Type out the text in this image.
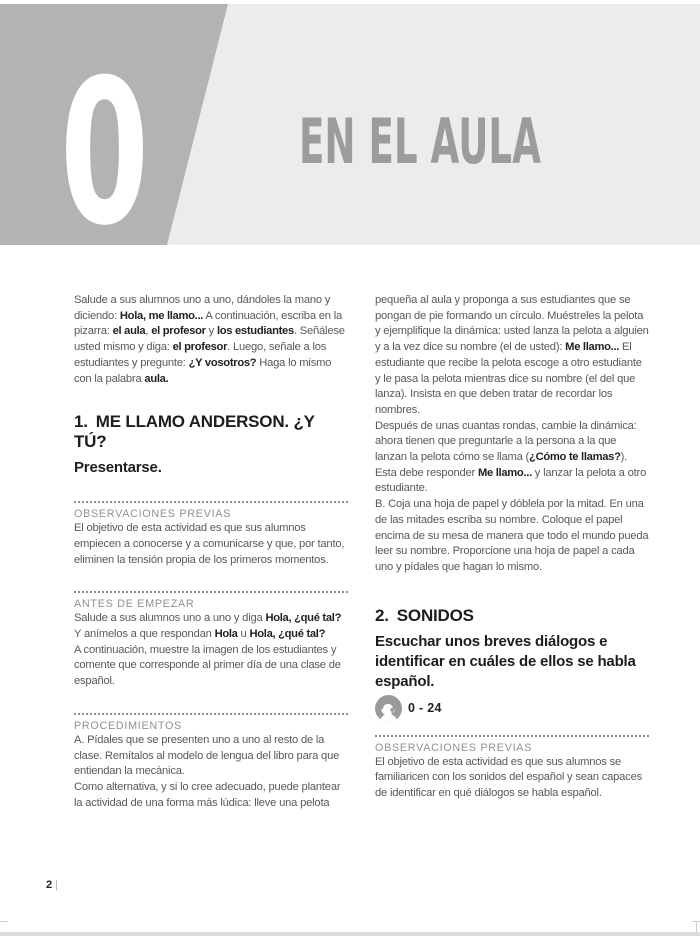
0 EN EL AULA

Salude a sus alumnos uno a uno, dándoles la mano y diciendo: Hola, me llamo... A continuación, escriba en la pizarra: el aula, el profesor y los estudiantes. Señálese usted mismo y diga: el profesor. Luego, señale a los estudiantes y pregunte: ¿Y vosotros? Haga lo mismo con la palabra aula.

1. ME LLAMO ANDERSON. ¿Y TÚ?
Presentarse.
OBSERVACIONES PREVIAS

El objetivo de esta actividad es que sus alumnos empiecen a conocerse y a comunicarse y que, por tanto, eliminen la tensión propia de los primeros momentos.

ANTES DE EMPEZAR

Salude a sus alumnos uno a uno y diga Hola, ¿qué tal? Y anímelos a que respondan Hola u Hola, ¿qué tal?

A continuación, muestre la imagen de los estudiantes y comente que corresponde al primer día de una clase de español.

PROCEDIMIENTOS

A. Pídales que se presenten uno a uno al resto de la clase. Remítalos al modelo de lengua del libro para que entiendan la mecánica.

Como alternativa, y si lo cree adecuado, puede plantear la actividad de una forma más lúdica: lleve una pelota

pequeña al aula y proponga a sus estudiantes que se pongan de pie formando un círculo. Muéstreles la pelota y ejemplifique la dinámica: usted lanza la pelota a alguien y a la vez dice su nombre (el de usted): Me llamo... El estudiante que recibe la pelota escoge a otro estudiante y le pasa la pelota mientras dice su nombre (el del que lanza). Insista en que deben tratar de recordar los nombres.

Después de unas cuantas rondas, cambie la dinámica: ahora tienen que preguntarle a la persona a la que lanzan la pelota cómo se llama (¿Cómo te llamas?). Esta debe responder Me llamo... y lanzar la pelota a otro estudiante.

B. Coja una hoja de papel y dóblela por la mitad. En una de las mitades escriba su nombre. Coloque el papel encima de su mesa de manera que todo el mundo pueda leer su nombre. Proporcione una hoja de papel a cada uno y pídales que hagan lo mismo.

2. SONIDOS
Escuchar unos breves diálogos e identificar en cuáles de ellos se habla español.
0 - 24
OBSERVACIONES PREVIAS

El objetivo de esta actividad es que sus alumnos se familiaricen con los sonidos del español y sean capaces de identificar en qué diálogos se habla español.

2 |
